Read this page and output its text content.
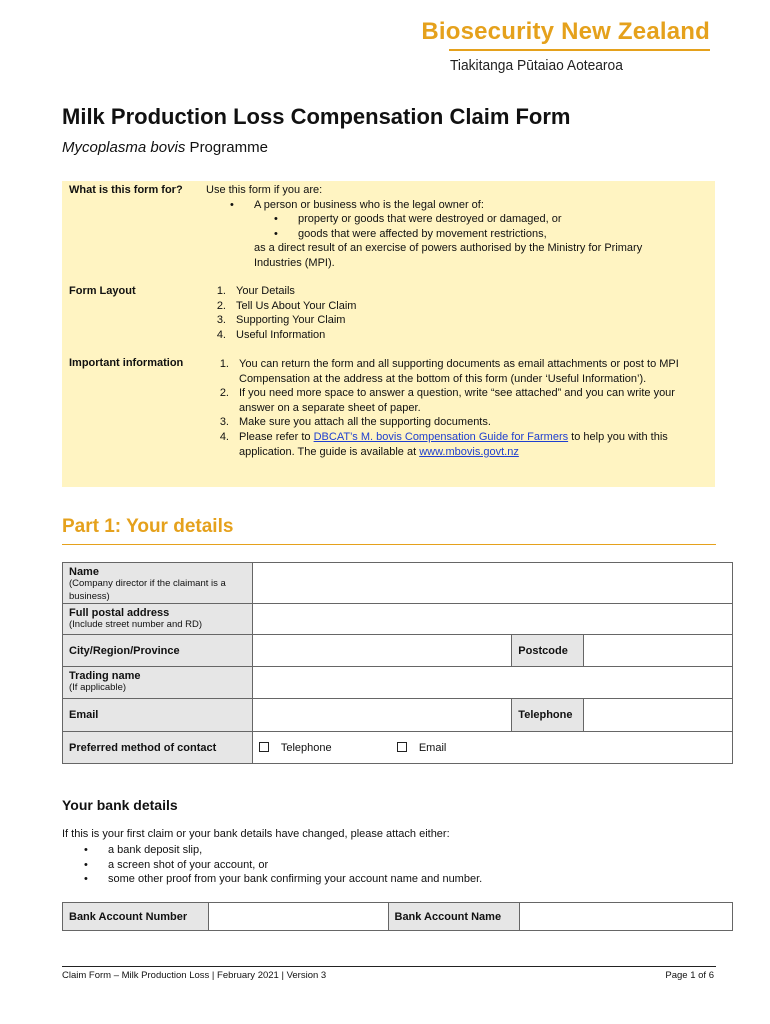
Biosecurity New Zealand
Tiakitanga Pūtaiao Aotearoa
Milk Production Loss Compensation Claim Form
Mycoplasma bovis Programme
What is this form for? Use this form if you are:
• A person or business who is the legal owner of:
• property or goods that were destroyed or damaged, or
• goods that were affected by movement restrictions,
as a direct result of an exercise of powers authorised by the Ministry for Primary Industries (MPI).
Form Layout	1. Your Details
2. Tell Us About Your Claim
3. Supporting Your Claim
4. Useful Information
Important information	1. You can return the form and all supporting documents as email attachments or post to MPI Compensation at the address at the bottom of this form (under ‘Useful Information’).
2. If you need more space to answer a question, write “see attached” and you can write your answer on a separate sheet of paper.
3. Make sure you attach all the supporting documents.
4. Please refer to DBCAT’s M. bovis Compensation Guide for Farmers to help you with this application. The guide is available at www.mbovis.govt.nz
Part 1: Your details
Name
(Company director if the claimant is a business)			

Full postal address
(Include street number and RD)			

City/Region/Province		Postcode	

Trading name
(If applicable)			

Email		Telephone	

Preferred method of contact	Telephone Email		
Your bank details
If this is your first claim or your bank details have changed, please attach either:
• a bank deposit slip,
• a screen shot of your account, or
• some other proof from your bank confirming your account name and number.
Bank Account Number		Bank Account Name

Claim Form – Milk Production Loss | February 2021 | Version 3	Page 1 of 6
